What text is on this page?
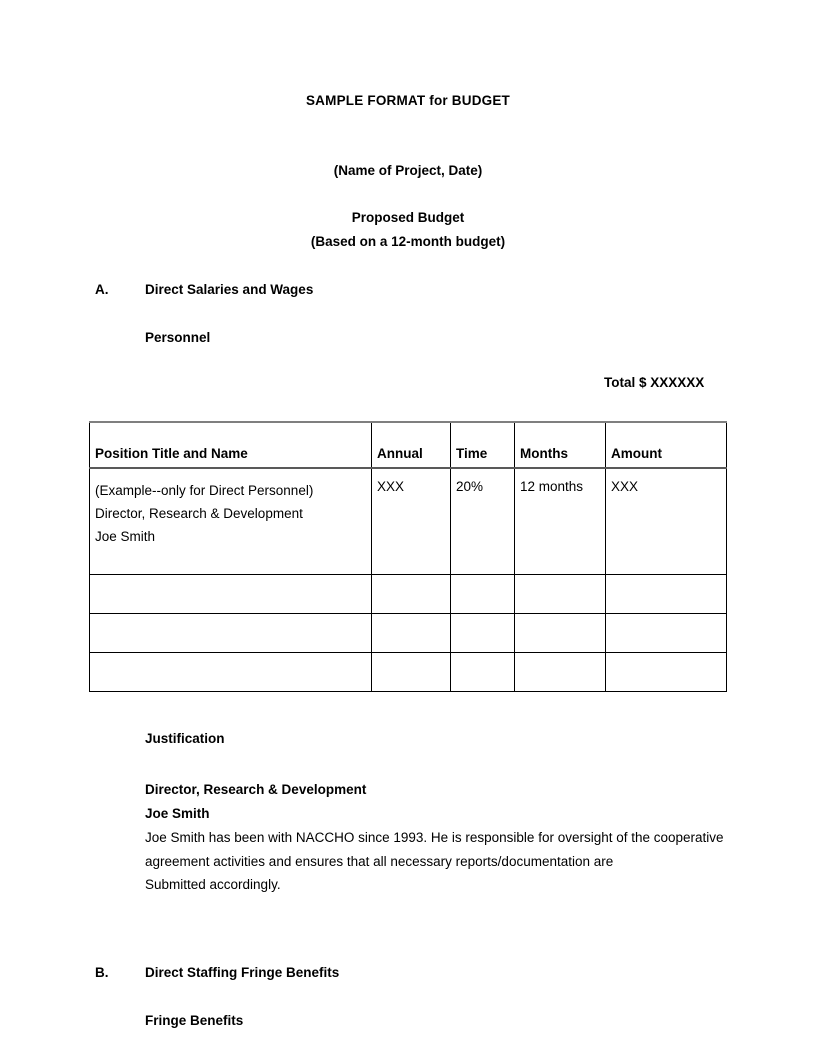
SAMPLE FORMAT for BUDGET
(Name of Project, Date)
Proposed Budget
(Based on a 12-month budget)
A.	Direct Salaries and Wages
Personnel
Total $ XXXXXX
Position Title and Name	Annual	Time	Months	Amount

(Example--only for Direct Personnel)
Director, Research & Development
Joe Smith	XXX	20%	12 months	XXX

Justification
Director, Research & Development
Joe Smith
Joe Smith has been with NACCHO since 1993. He is responsible for oversight of the cooperative
agreement activities and ensures that all necessary reports/documentation are
Submitted accordingly.
B.	Direct Staffing Fringe Benefits
Fringe Benefits
